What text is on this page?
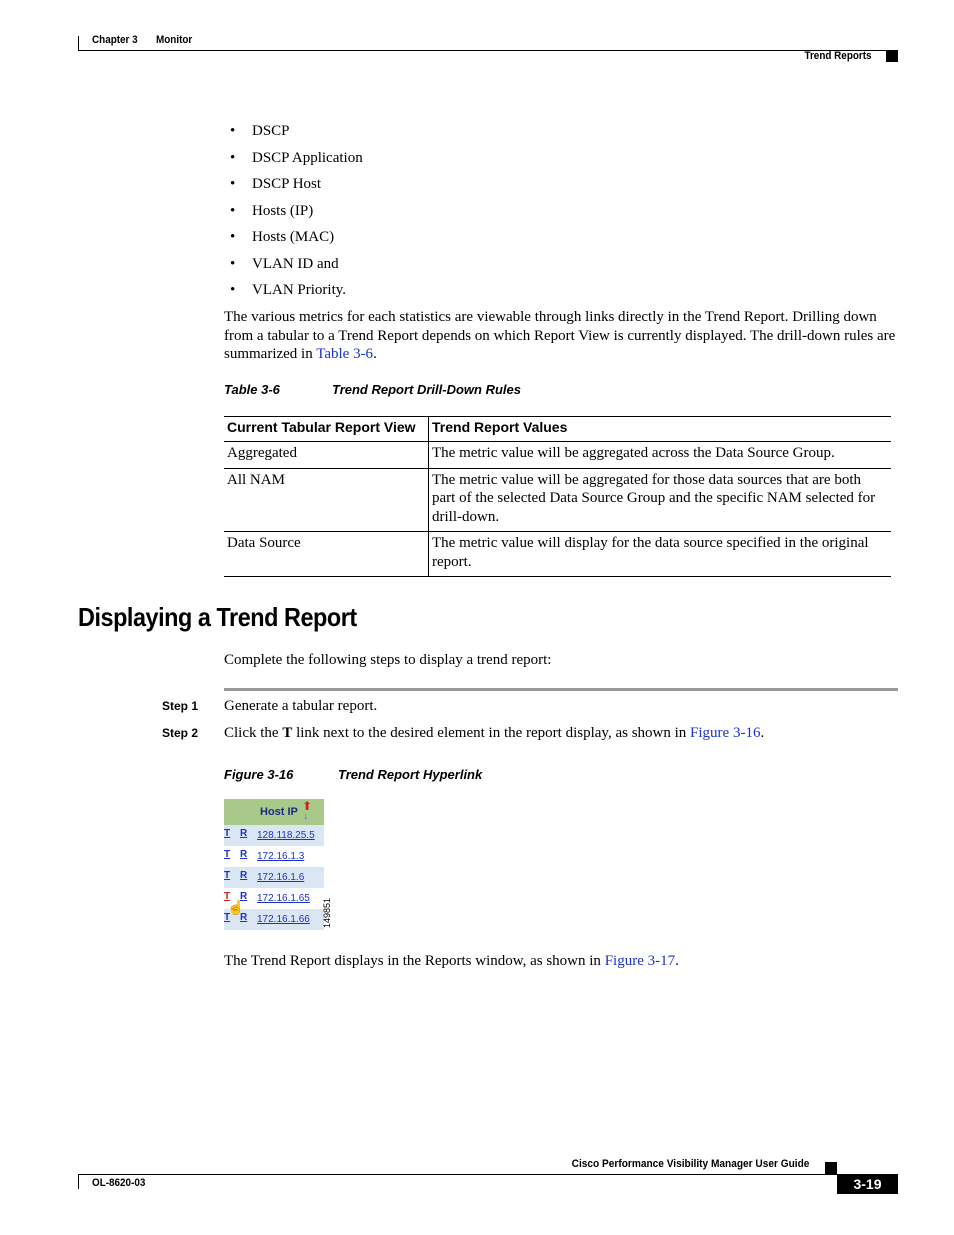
Chapter 3 Monitor
Trend Reports
• DSCP
• DSCP Application
• DSCP Host
• Hosts (IP)
• Hosts (MAC)
• VLAN ID and
• VLAN Priority.
The various metrics for each statistics are viewable through links directly in the Trend Report. Drilling down from a tabular to a Trend Report depends on which Report View is currently displayed. The drill-down rules are summarized in Table 3-6.
Table 3-6	Trend Report Drill-Down Rules
Current Tabular Report View	Trend Report Values
Aggregated	The metric value will be aggregated across the Data Source Group.
All NAM	The metric value will be aggregated for those data sources that are both part of the selected Data Source Group and the specific NAM selected for drill-down.
Data Source	The metric value will display for the data source specified in the original report.
Displaying a Trend Report
Complete the following steps to display a trend report:
Step 1 Generate a tabular report.
Step 2 Click the T link next to the desired element in the report display, as shown in Figure 3-16.
Figure 3-16	Trend Report Hyperlink
Host IP ⬆
↓
T R 128.118.25.5
T R 172.16.1.3
T R 172.16.1.6
T R 172.16.1.65
T R 172.16.1.66
☝	149851
The Trend Report displays in the Reports window, as shown in Figure 3-17.
Cisco Performance Visibility Manager User Guide
OL-8620-03	3-19
